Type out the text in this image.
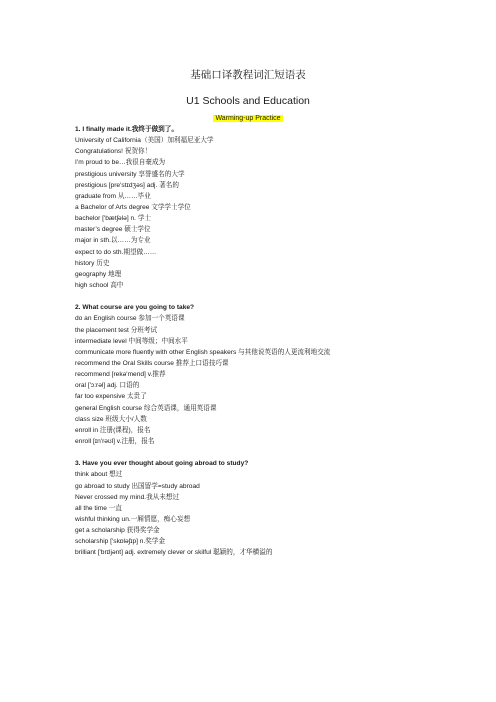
基础口译教程词汇短语表
U1 Schools and Education
Warming-up Practice
1. I finally made it.我终于做到了。
University of California（美国）加利福尼亚大学
Congratulations! 祝贺你！
I’m proud to be…我很自豪成为
prestigious university 享誉盛名的大学
prestigious [pre'stɪdʒəs] adj. 著名的
graduate from 从……毕业
a Bachelor of Arts degree 文学学士学位
bachelor ['bætʃələ] n. 学士
master’s degree 硕士学位
major in sth.以……为专业
expect to do sth.期望做……
history 历史
geography 地理
high school 高中
2. What course are you going to take?
do an English course 参加一个英语课
the placement test 分班考试
intermediate level 中间等级；中间水平
communicate more fluently with other English speakers 与其他说英语的人更流利地交流
recommend the Oral Skills course 推荐上口语技巧课
recommend [rekə'mend] v.推荐
oral ['ɔ:rəl] adj. 口语的
far too expensive 太贵了
general English course 综合英语课，通用英语课
class size 班级大小/人数
enroll in 注册(课程)，报名
enroll [ɪn'rəʊl] v.注册，报名
3. Have you ever thought about going abroad to study?
think about 想过
go abroad to study 出国留学=study abroad
Never crossed my mind.我从未想过
all the time 一直
wishful thinking un.一厢情愿，痴心妄想
get a scholarship 获得奖学金
scholarship ['skɒləʃɪp] n.奖学金
brilliant ['brɪljənt] adj. extremely clever or skilful 聪颖的，才华横溢的
